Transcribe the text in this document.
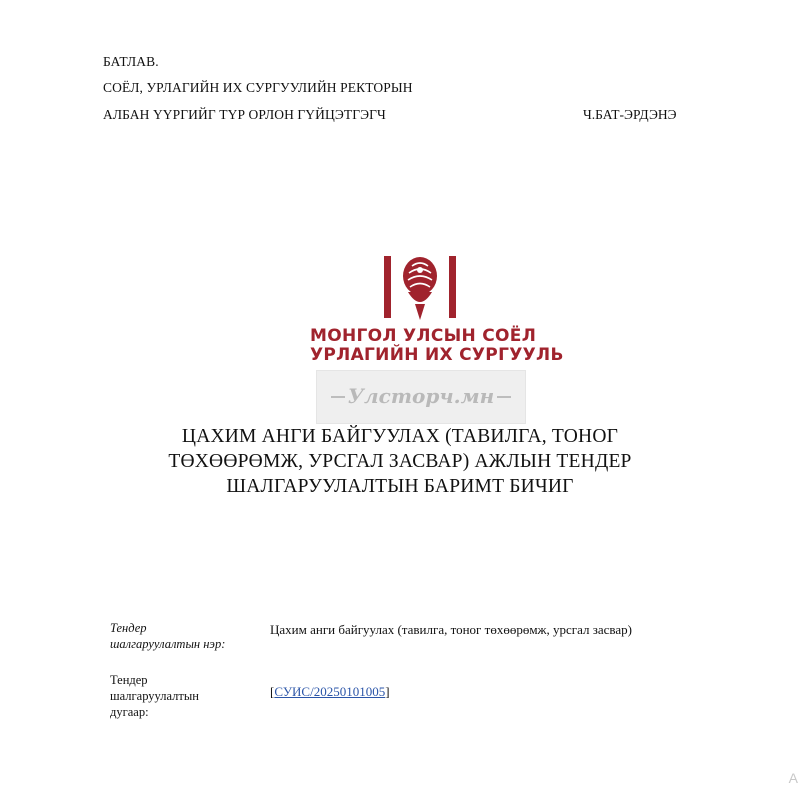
БАТЛАВ.
СОЁЛ, УРЛАГИЙН ИХ СУРГУУЛИЙН РЕКТОРЫН
АЛБАН ҮҮРГИЙГ ТҮР ОРЛОН ГҮЙЦЭТГЭГЧ	Ч.БАТ-ЭРДЭНЭ
МОНГОЛ УЛСЫН СОЁЛ
УРЛАГИЙН ИХ СУРГУУЛЬ
Улсторч.мн
ЦАХИМ АНГИ БАЙГУУЛАХ (ТАВИЛГА, ТОНОГ
ТӨХӨӨРӨМЖ, УРСГАЛ ЗАСВАР) АЖЛЫН ТЕНДЕР
ШАЛГАРУУЛАЛТЫН БАРИМТ БИЧИГ
Тендер
шалгаруулалтын нэр:
Цахим анги байгуулах (тавилга, тоног төхөөрөмж, урсгал засвар)
Тендер
шалгаруулалтын
дугаар:
[СУИС/20250101005]
A
